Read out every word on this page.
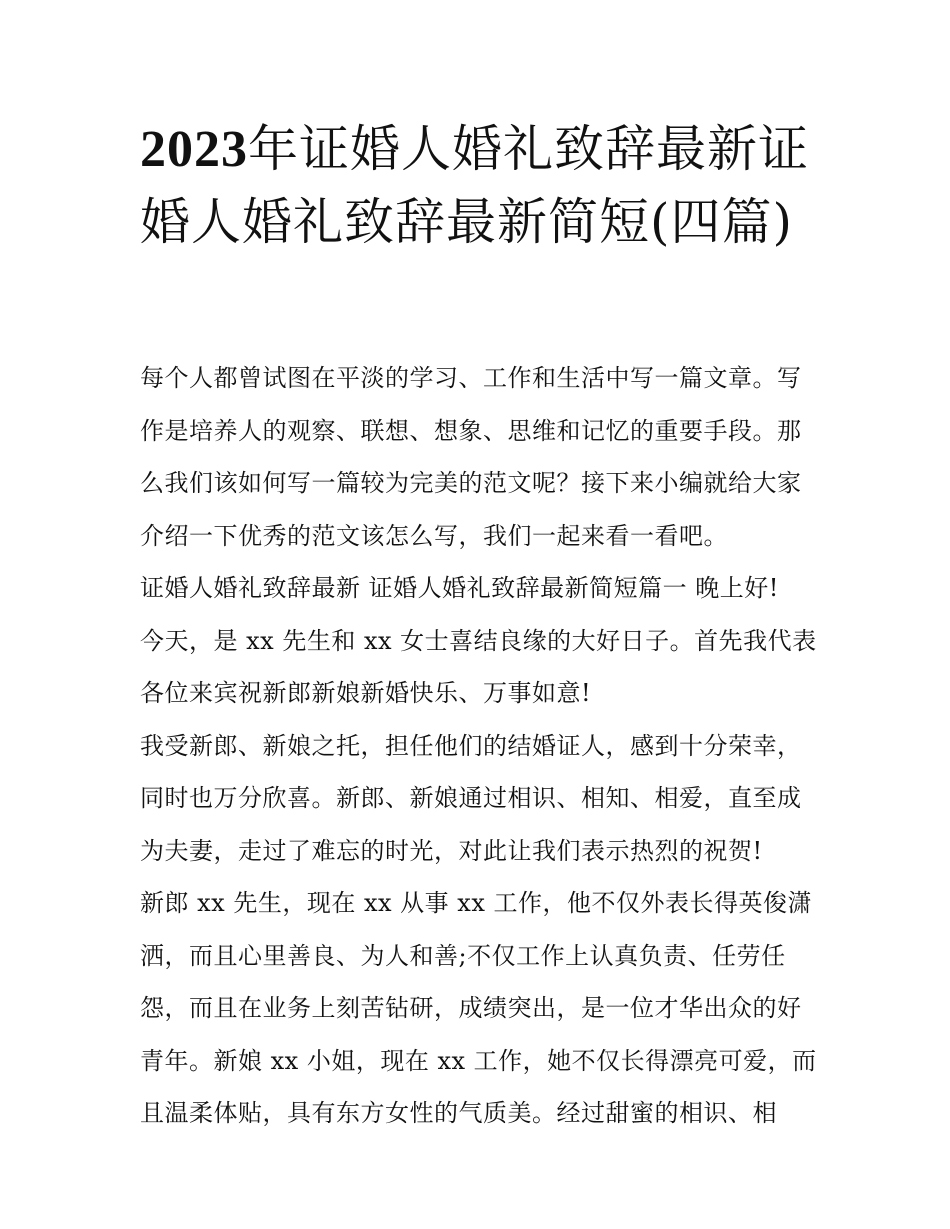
2023年证婚人婚礼致辞最新证婚人婚礼致辞最新简短(四篇)

每个人都曾试图在平淡的学习、工作和生活中写一篇文章。写

作是培养人的观察、联想、想象、思维和记忆的重要手段。那

么我们该如何写一篇较为完美的范文呢？接下来小编就给大家

介绍一下优秀的范文该怎么写，我们一起来看一看吧。

证婚人婚礼致辞最新 证婚人婚礼致辞最新简短篇一 晚上好!

今天，是 xx 先生和 xx 女士喜结良缘的大好日子。首先我代表

各位来宾祝新郎新娘新婚快乐、万事如意!

我受新郎、新娘之托，担任他们的结婚证人，感到十分荣幸，

同时也万分欣喜。新郎、新娘通过相识、相知、相爱，直至成

为夫妻，走过了难忘的时光，对此让我们表示热烈的祝贺!

新郎 xx 先生，现在 xx 从事 xx 工作，他不仅外表长得英俊潇

洒，而且心里善良、为人和善;不仅工作上认真负责、任劳任

怨，而且在业务上刻苦钻研，成绩突出，是一位才华出众的好

青年。新娘 xx 小姐，现在 xx 工作，她不仅长得漂亮可爱，而

且温柔体贴，具有东方女性的气质美。经过甜蜜的相识、相
